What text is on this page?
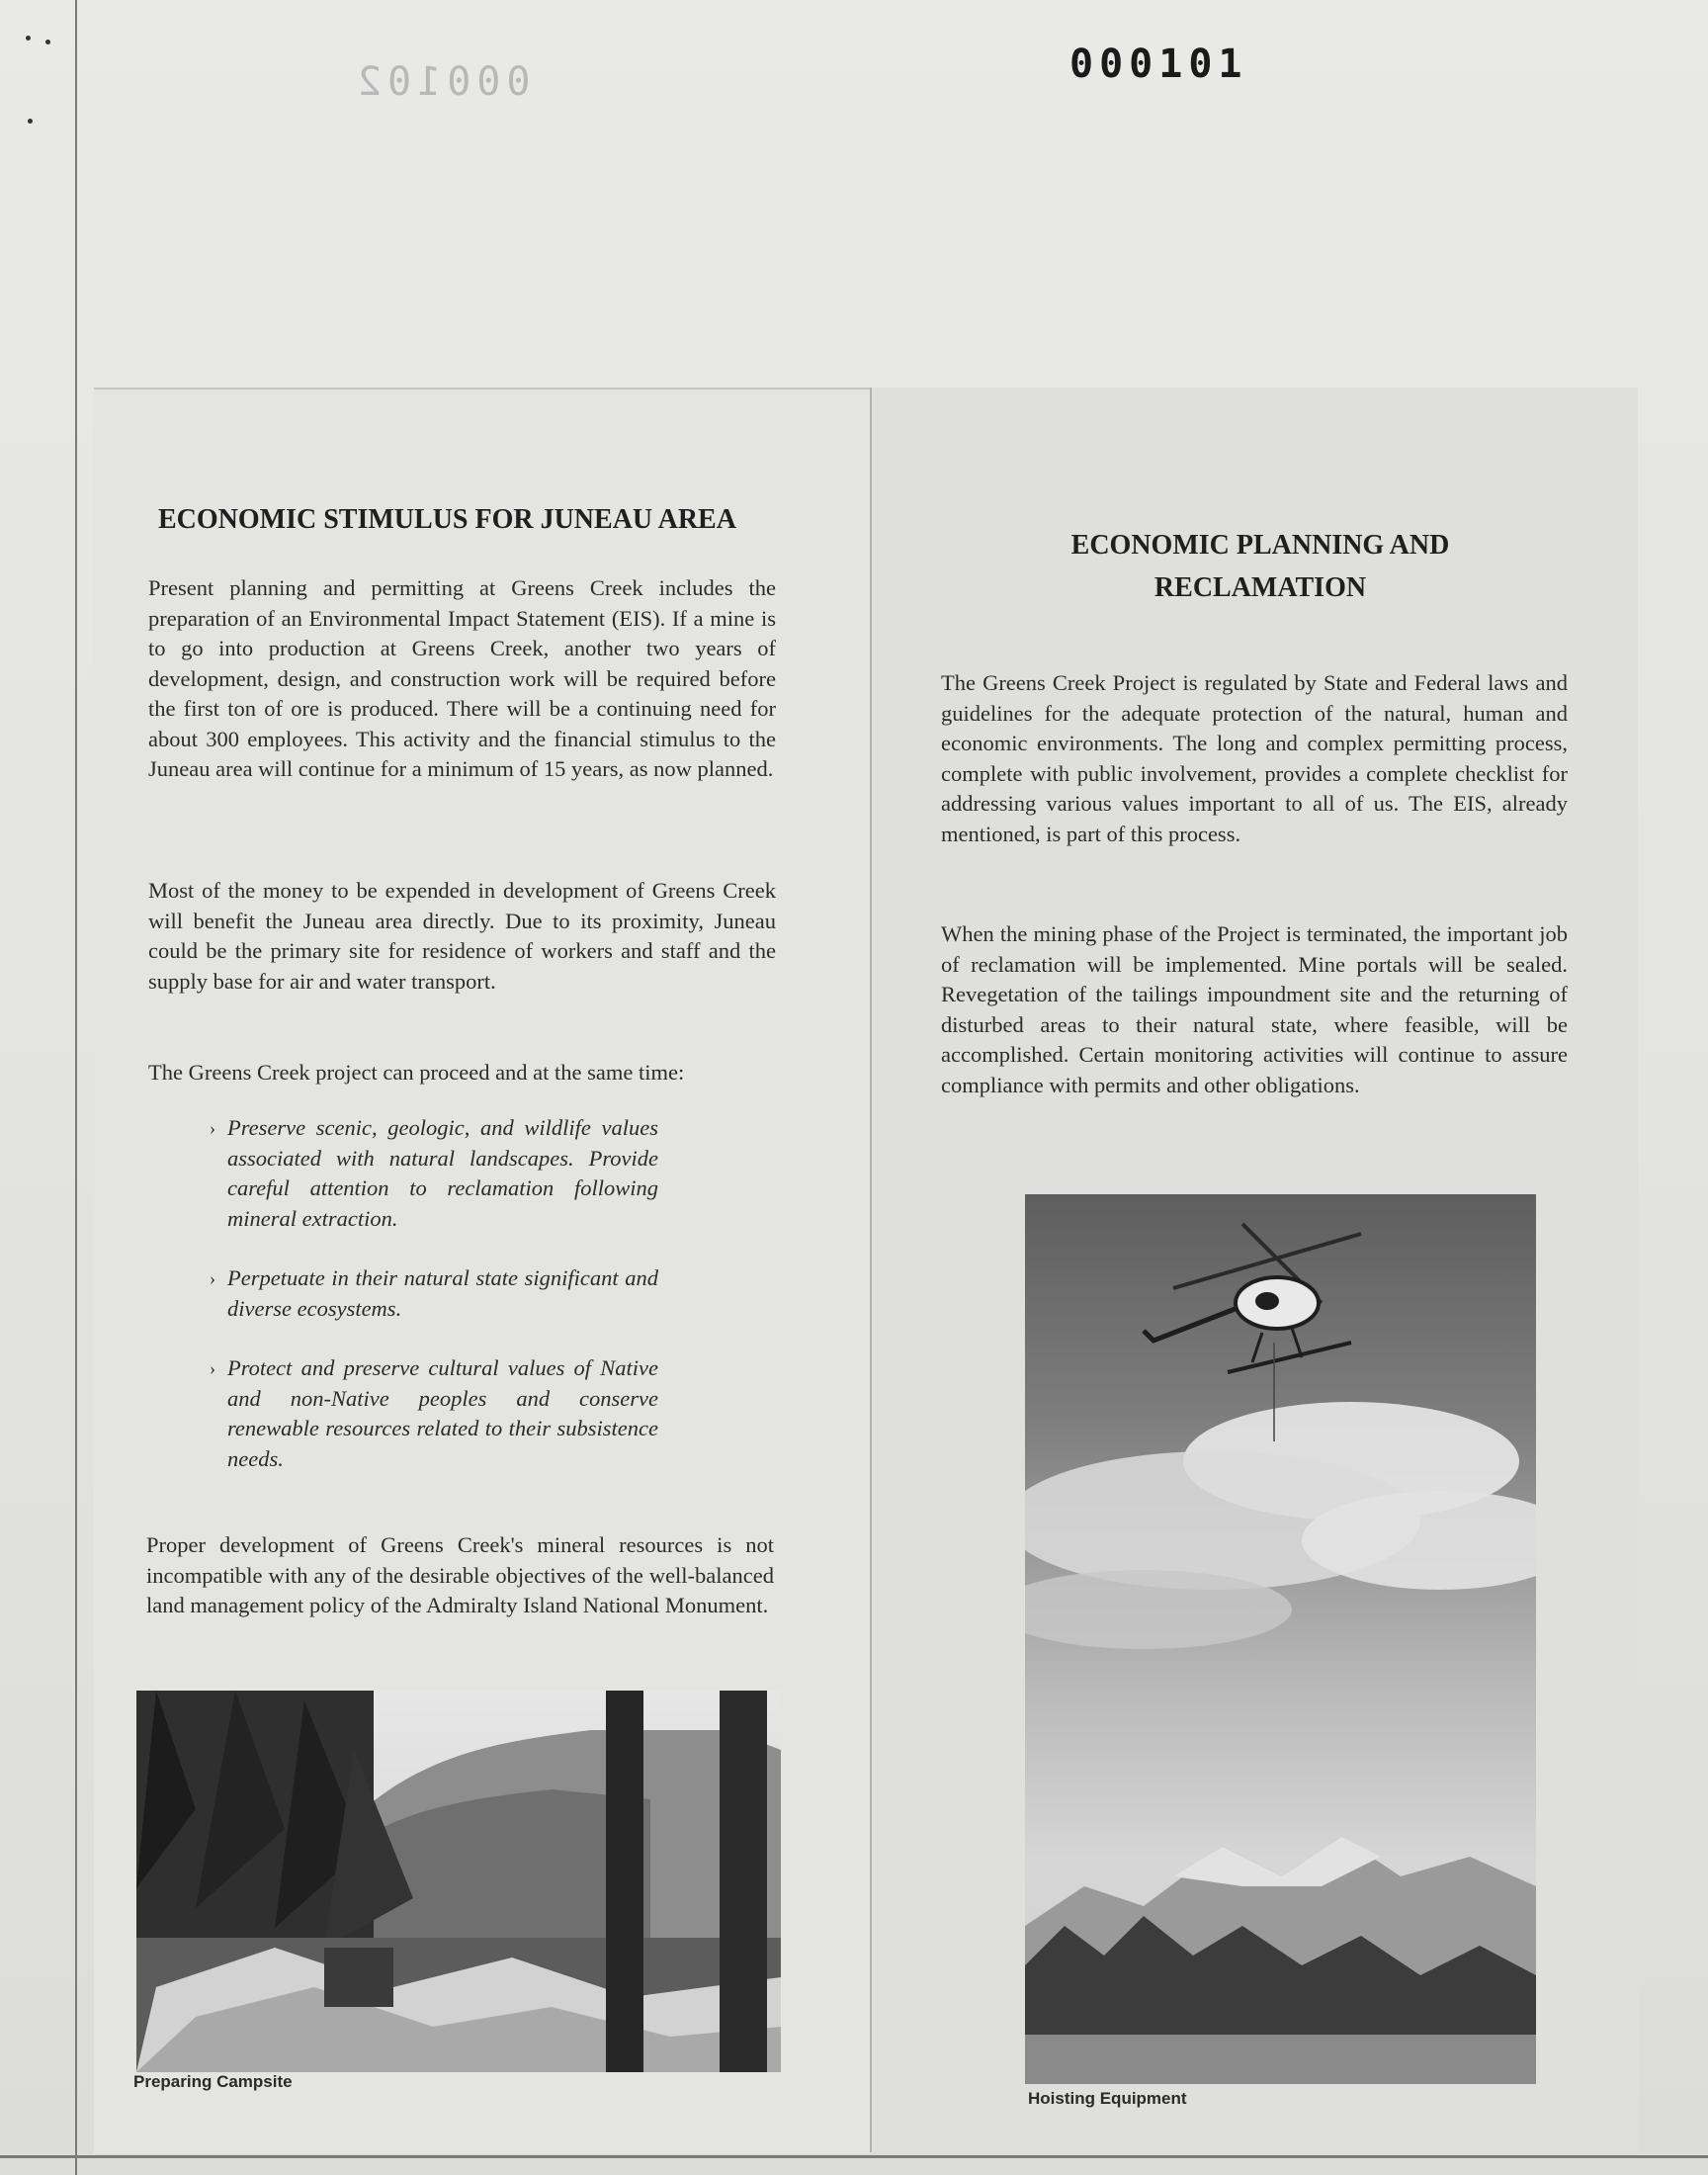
000102	000101
ECONOMIC STIMULUS FOR JUNEAU AREA

Present planning and permitting at Greens Creek includes the preparation of an Environmental Impact Statement (EIS). If a mine is to go into production at Greens Creek, another two years of development, design, and construction work will be required before the first ton of ore is produced. There will be a continuing need for about 300 employees. This activity and the financial stimulus to the Juneau area will continue for a minimum of 15 years, as now planned.

Most of the money to be expended in development of Greens Creek will benefit the Juneau area directly. Due to its proximity, Juneau could be the primary site for residence of workers and staff and the supply base for air and water transport.

The Greens Creek project can proceed and at the same time:

› Preserve scenic, geologic, and wildlife values associated with natural landscapes. Provide careful attention to reclamation following mineral extraction.
› Perpetuate in their natural state significant and diverse ecosystems.
› Protect and preserve cultural values of Native and non-Native peoples and conserve renewable resources related to their subsistence needs.

Proper development of Greens Creek's mineral resources is not incompatible with any of the desirable objectives of the well-balanced land management policy of the Admiralty Island National Monument.

Preparing Campsite
ECONOMIC PLANNING AND
RECLAMATION

The Greens Creek Project is regulated by State and Federal laws and guidelines for the adequate protection of the natural, human and economic environments. The long and complex permitting process, complete with public involvement, provides a complete checklist for addressing various values important to all of us. The EIS, already mentioned, is part of this process.

When the mining phase of the Project is terminated, the important job of reclamation will be implemented. Mine portals will be sealed. Revegetation of the tailings impoundment site and the returning of disturbed areas to their natural state, where feasible, will be accomplished. Certain monitoring activities will continue to assure compliance with permits and other obligations.

Hoisting Equipment
